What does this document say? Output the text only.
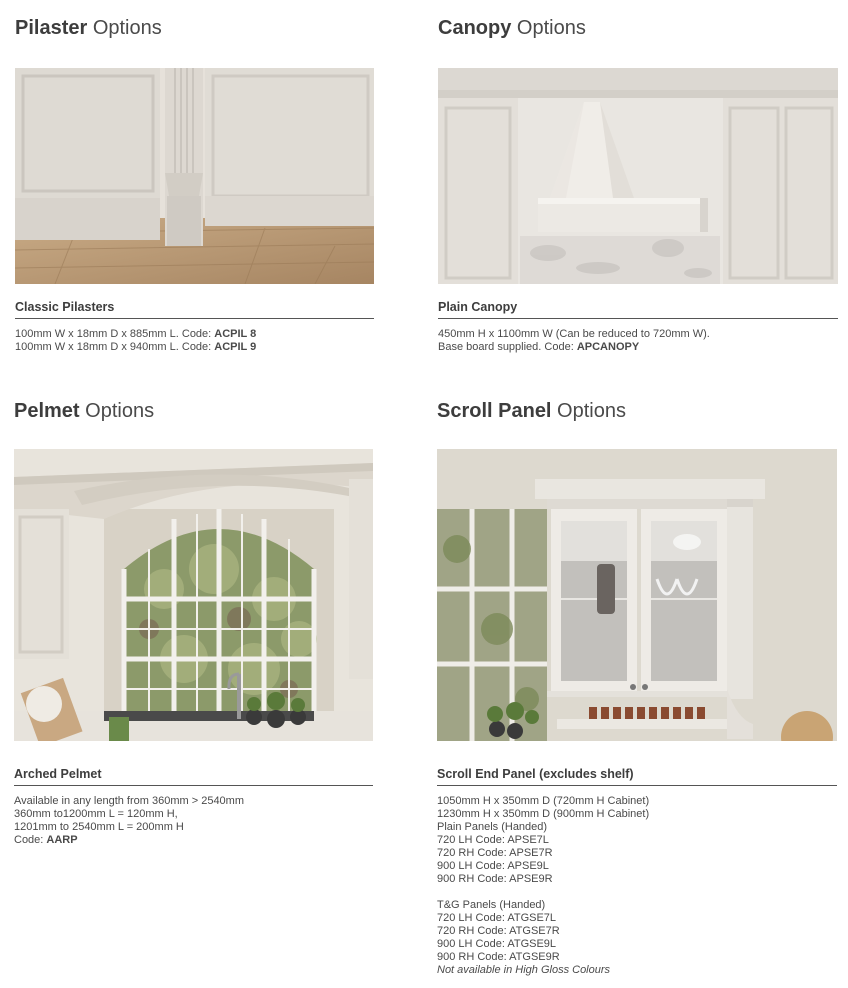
Pilaster Options
Classic Pilasters
100mm W x 18mm D x 885mm L. Code: ACPIL 8
100mm W x 18mm D x 940mm L. Code: ACPIL 9
Canopy Options
Plain Canopy
450mm H x 1100mm W (Can be reduced to 720mm W).
Base board supplied. Code: APCANOPY
Pelmet Options
Arched Pelmet
Available in any length from 360mm > 2540mm
360mm to1200mm L = 120mm H,
1201mm to 2540mm L = 200mm H
Code: AARP
Scroll Panel Options
Scroll End Panel (excludes shelf)
1050mm H x 350mm D (720mm H Cabinet)
1230mm H x 350mm D (900mm H Cabinet)
Plain Panels (Handed)
720 LH Code: APSE7L
720 RH Code: APSE7R
900 LH Code: APSE9L
900 RH Code: APSE9R
T&G Panels (Handed)
720 LH Code: ATGSE7L
720 RH Code: ATGSE7R
900 LH Code: ATGSE9L
900 RH Code: ATGSE9R
Not available in High Gloss Colours
